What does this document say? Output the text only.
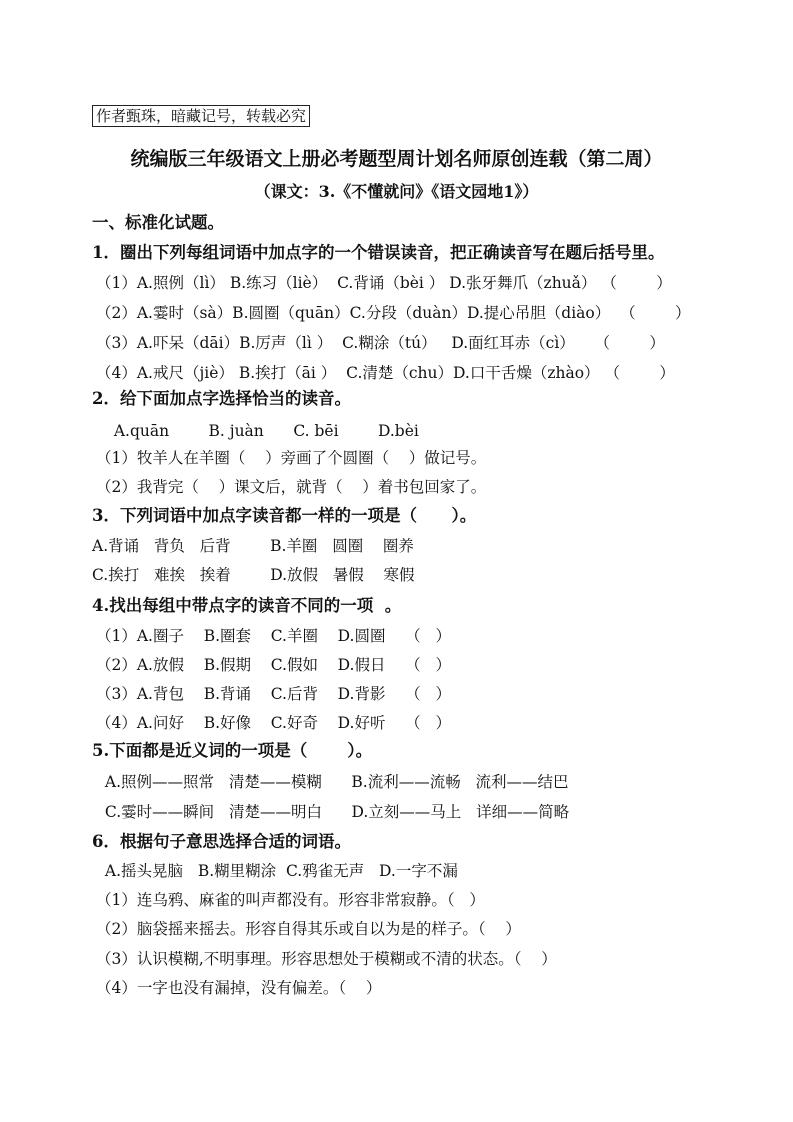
作者甄珠，暗藏记号，转载必究
统编版三年级语文上册必考题型周计划名师原创连载（第二周）
（课文：3.《不懂就问》《语文园地1》）
一、标准化试题。
1．圈出下列每组词语中加点字的一个错误读音，把正确读音写在题后括号里。
（1）A.照例（lì） B.练习（liè）  C.背诵（bèi ） D.张牙舞爪（zhuǎ） （        ）
（2）A.霎时（sà）B.圆圈（quān）C.分段（duàn）D.提心吊胆（diào）  （        ）
（3）A.吓呆（dāi）B.厉声（lì ）  C.糊涂（tú）   D.面红耳赤（cì）    （        ）
（4）A.戒尺（jiè） B.挨打（āi ）  C.清楚（chu）D.口干舌燥（zhào） （        ）
2．给下面加点字选择恰当的读音。
A.quān        B. juàn      C. bēi        D.bèi
（1）牧羊人在羊圈（    ）旁画了个圆圈（    ）做记号。
（2）我背完（    ）课文后，就背（    ）着书包回家了。
3．下列词语中加点字读音都一样的一项是（      ）。
A.背诵   背负   后背        B.羊圈   圆圈    圈养
C.挨打   难挨   挨着        D.放假   暑假    寒假
4.找出每组中带点字的读音不同的一项  。
（1）A.圈子    B.圈套    C.羊圈    D.圆圈    （   ）
（2）A.放假    B.假期    C.假如    D.假日    （   ）
（3）A.背包    B.背诵    C.后背    D.背影    （   ）
（4）A.问好    B.好像    C.好奇    D.好听    （   ）
5.下面都是近义词的一项是（       ）。
A.照例——照常   清楚——模糊      B.流利——流畅   流利——结巴
C.霎时——瞬间   清楚——明白      D.立刻——马上   详细——简略
6．根据句子意思选择合适的词语。
A.摇头晃脑   B.糊里糊涂  C.鸦雀无声   D.一字不漏
（1）连乌鸦、麻雀的叫声都没有。形容非常寂静。（   ）
（2）脑袋摇来摇去。形容自得其乐或自以为是的样子。（    ）
（3）认识模糊,不明事理。形容思想处于模糊或不清的状态。（    ）
（4）一字也没有漏掉，没有偏差。（    ）
